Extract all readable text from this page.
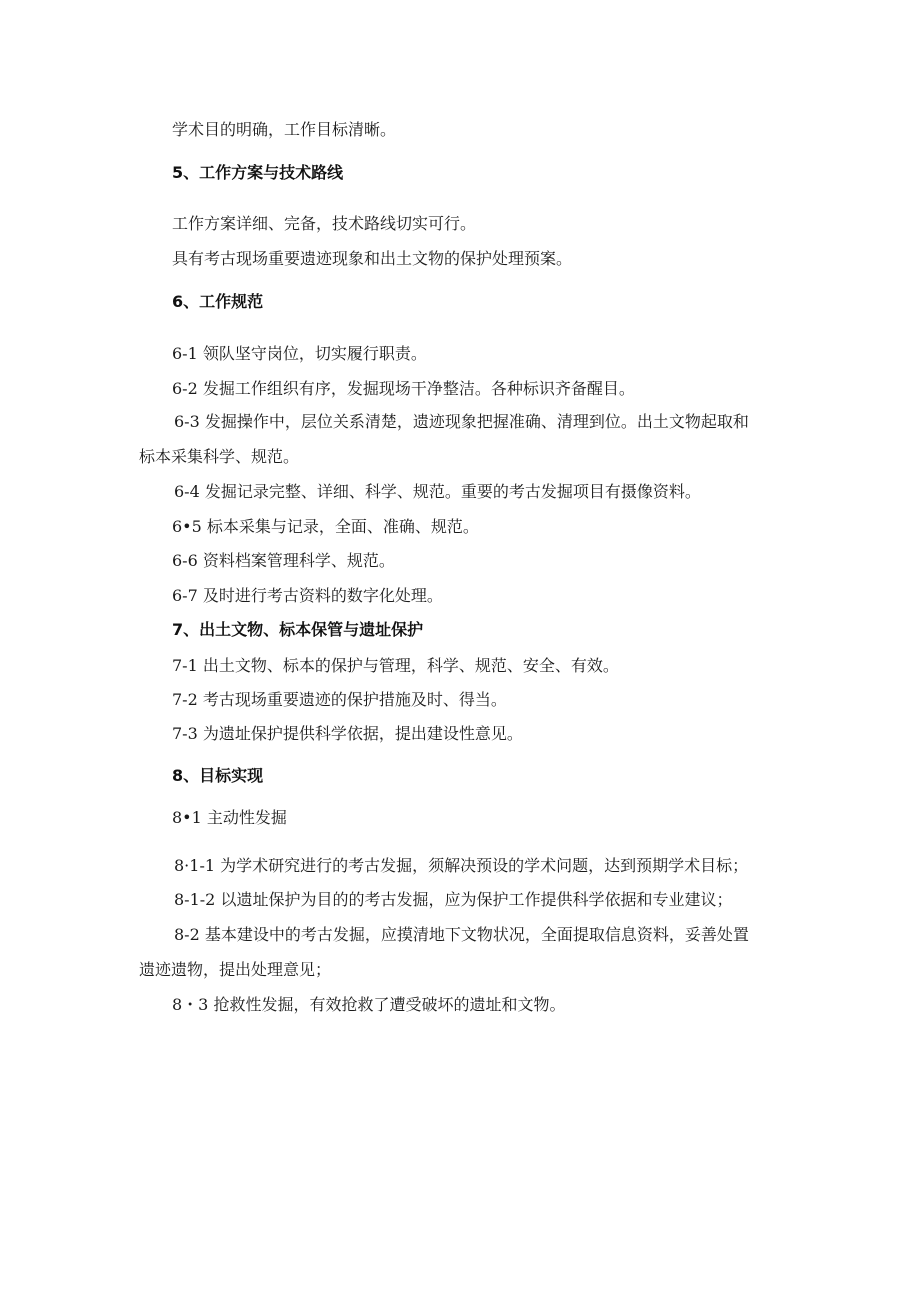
学术目的明确，工作目标清晰。
5、工作方案与技术路线
工作方案详细、完备，技术路线切实可行。
具有考古现场重要遗迹现象和出土文物的保护处理预案。
6、工作规范
6-1 领队坚守岗位，切实履行职责。
6-2 发掘工作组织有序，发掘现场干净整洁。各种标识齐备醒目。
6-3 发掘操作中，层位关系清楚，遗迹现象把握准确、清理到位。出土文物起取和
标本采集科学、规范。
6-4 发掘记录完整、详细、科学、规范。重要的考古发掘项目有摄像资料。
6•5 标本采集与记录，全面、准确、规范。
6-6 资料档案管理科学、规范。
6-7 及时进行考古资料的数字化处理。
7、出土文物、标本保管与遗址保护
7-1 出土文物、标本的保护与管理，科学、规范、安全、有效。
7-2 考古现场重要遗迹的保护措施及时、得当。
7-3 为遗址保护提供科学依据，提出建设性意见。
8、目标实现
8•1 主动性发掘
8·1-1 为学术研究进行的考古发掘，须解决预设的学术问题，达到预期学术目标；
8-1-2 以遗址保护为目的的考古发掘，应为保护工作提供科学依据和专业建议；
8-2 基本建设中的考古发掘，应摸清地下文物状况，全面提取信息资料，妥善处置
遗迹遗物，提出处理意见；
8・3 抢救性发掘，有效抢救了遭受破坏的遗址和文物。
